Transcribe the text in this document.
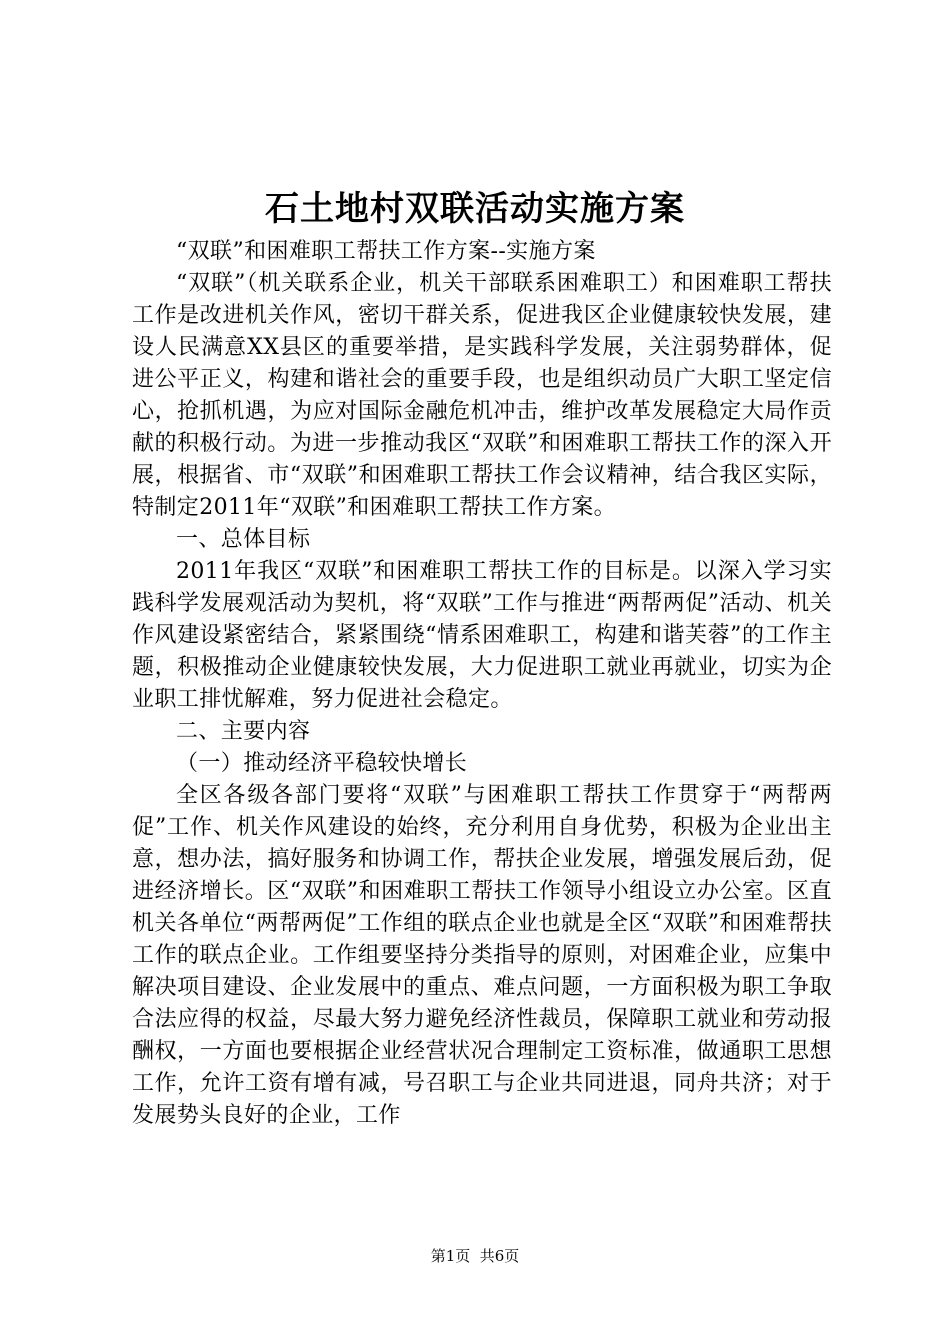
石土地村双联活动实施方案

“双联”和困难职工帮扶工作方案--实施方案

“双联”（机关联系企业，机关干部联系困难职工）和困难职工帮扶工作是改进机关作风，密切干群关系，促进我区企业健康较快发展，建设人民满意XX县区的重要举措，是实践科学发展，关注弱势群体，促进公平正义，构建和谐社会的重要手段，也是组织动员广大职工坚定信心，抢抓机遇，为应对国际金融危机冲击，维护改革发展稳定大局作贡献的积极行动。为进一步推动我区“双联”和困难职工帮扶工作的深入开展，根据省、市“双联”和困难职工帮扶工作会议精神，结合我区实际，特制定2011年“双联”和困难职工帮扶工作方案。

一、总体目标

2011年我区“双联”和困难职工帮扶工作的目标是。以深入学习实践科学发展观活动为契机，将“双联”工作与推进“两帮两促”活动、机关作风建设紧密结合，紧紧围绕“情系困难职工，构建和谐芙蓉”的工作主题，积极推动企业健康较快发展，大力促进职工就业再就业，切实为企业职工排忧解难，努力促进社会稳定。

二、主要内容

（一）推动经济平稳较快增长

全区各级各部门要将“双联”与困难职工帮扶工作贯穿于“两帮两促”工作、机关作风建设的始终，充分利用自身优势，积极为企业出主意，想办法，搞好服务和协调工作，帮扶企业发展，增强发展后劲，促进经济增长。区“双联”和困难职工帮扶工作领导小组设立办公室。区直机关各单位“两帮两促”工作组的联点企业也就是全区“双联”和困难帮扶工作的联点企业。工作组要坚持分类指导的原则，对困难企业，应集中解决项目建设、企业发展中的重点、难点问题，一方面积极为职工争取合法应得的权益，尽最大努力避免经济性裁员，保障职工就业和劳动报酬权，一方面也要根据企业经营状况合理制定工资标准，做通职工思想工作，允许工资有增有减，号召职工与企业共同进退，同舟共济；对于发展势头良好的企业，工作

第1页  共6页
